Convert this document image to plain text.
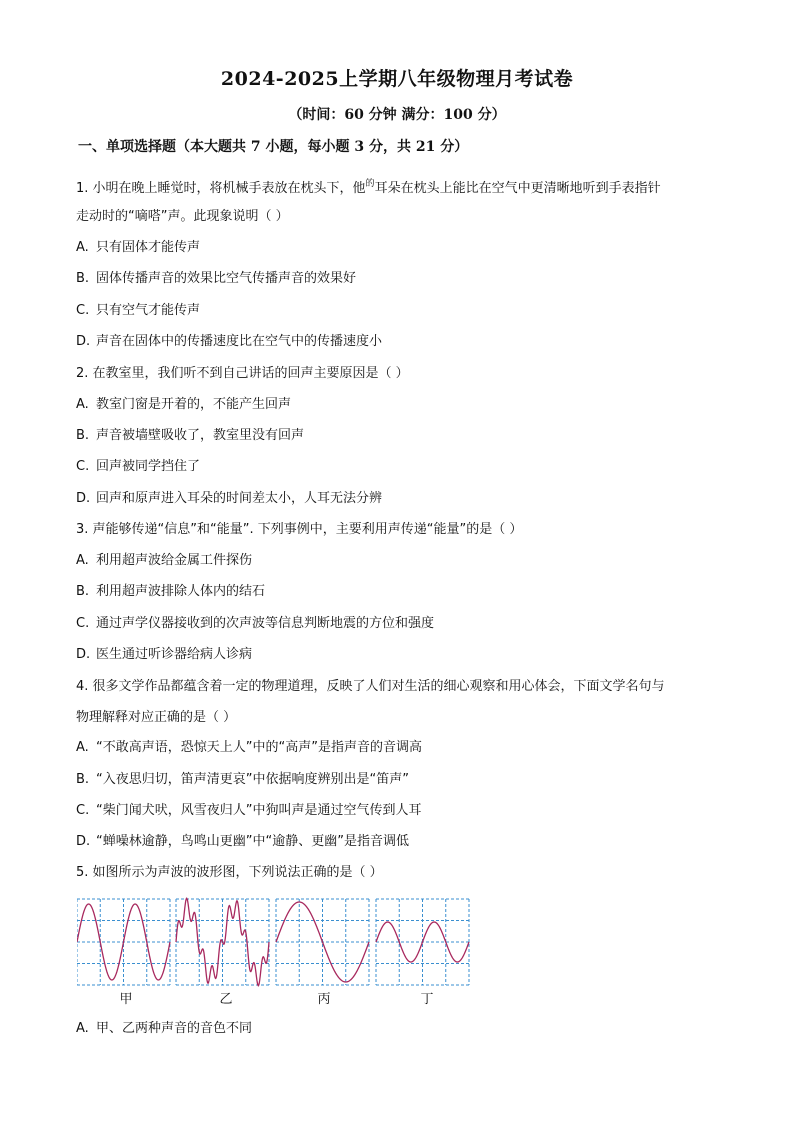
2024-2025上学期八年级物理月考试卷
（时间：60 分钟 满分：100 分）
一、单项选择题（本大题共 7 小题，每小题 3 分，共 21 分）
1. 小明在晚上睡觉时，将机械手表放在枕头下，他$^的$耳朵在枕头上能比在空气中更清晰地听到手表指针
走动时的“嘀嗒”声。此现象说明（ ）
A. 只有固体才能传声
B. 固体传播声音的效果比空气传播声音的效果好
C. 只有空气才能传声
D. 声音在固体中的传播速度比在空气中的传播速度小
2. 在教室里，我们听不到自己讲话的回声主要原因是（ ）
A. 教室门窗是开着的，不能产生回声
B. 声音被墙壁吸收了，教室里没有回声
C. 回声被同学挡住了
D. 回声和原声进入耳朵的时间差太小，人耳无法分辨
3. 声能够传递“信息”和“能量”. 下列事例中，主要利用声传递“能量”的是（ ）
A. 利用超声波给金属工件探伤
B. 利用超声波排除人体内的结石
C. 通过声学仪器接收到的次声波等信息判断地震的方位和强度
D. 医生通过听诊器给病人诊病
4. 很多文学作品都蕴含着一定的物理道理，反映了人们对生活的细心观察和用心体会，下面文学名句与
物理解释对应正确的是（ ）
A. “不敢高声语，恐惊天上人”中的“高声”是指声音的音调高
B. “入夜思归切，笛声清更哀”中依据响度辨别出是“笛声”
C. “柴门闻犬吠，风雪夜归人”中狗叫声是通过空气传到人耳
D. “蝉噪林逾静，鸟鸣山更幽”中“逾静、更幽”是指音调低
5. 如图所示为声波的波形图，下列说法正确的是（ ）
甲	乙	丙	丁
A. 甲、乙两种声音的音色不同
